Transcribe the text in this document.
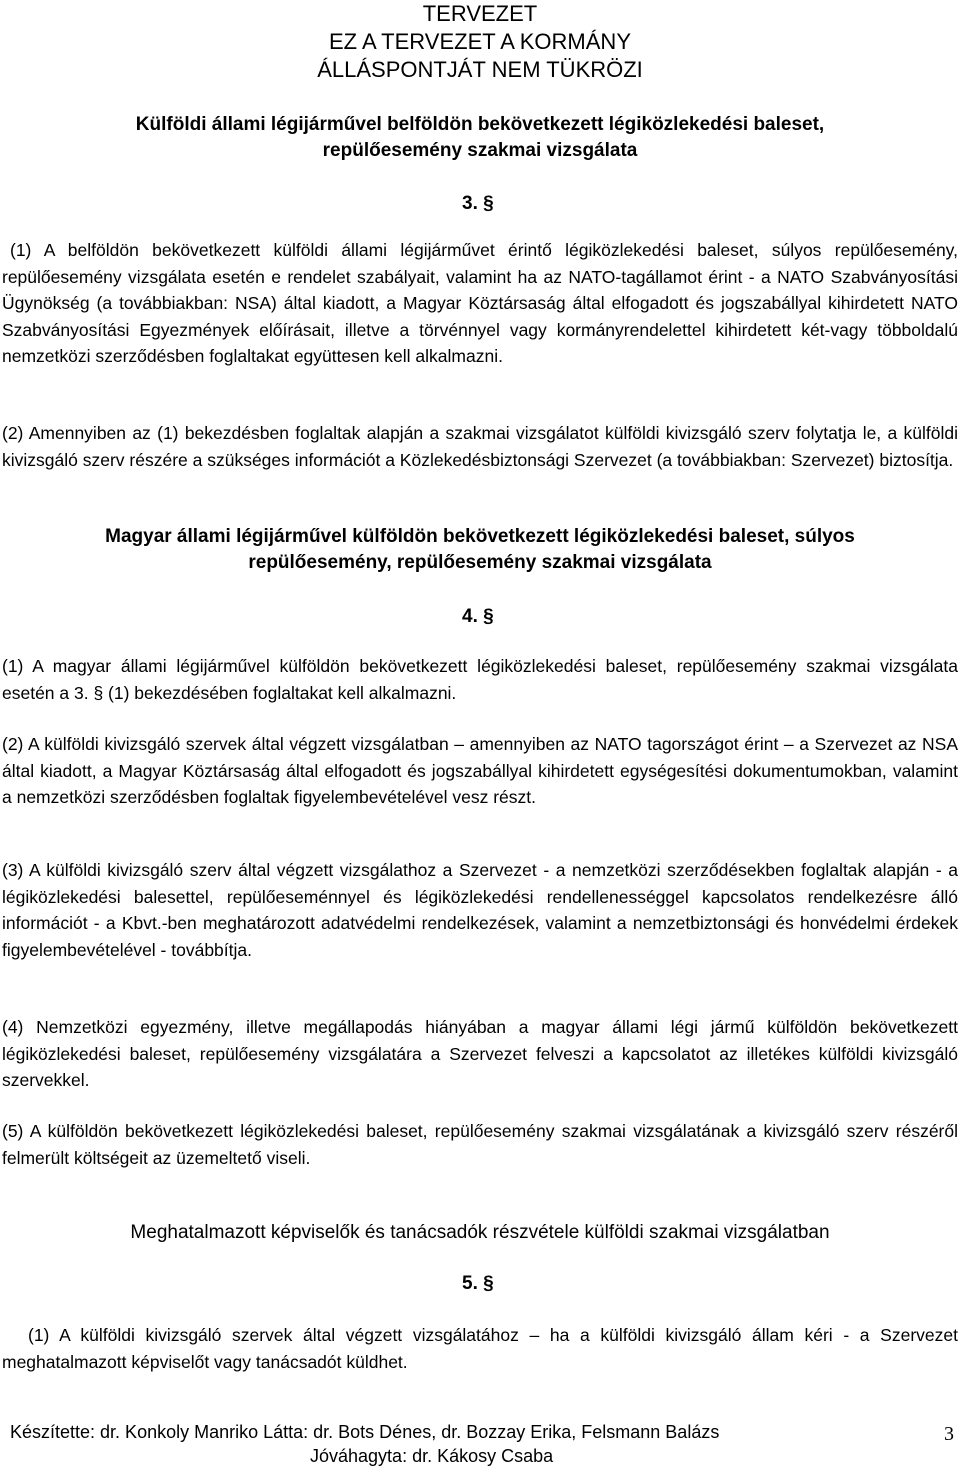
TERVEZET
EZ A TERVEZET A KORMÁNY
ÁLLÁSPONTJÁT NEM TÜKRÖZI
Külföldi állami légijárművel belföldön bekövetkezett légiközlekedési baleset,
repülőesemény szakmai vizsgálata
3. §
(1) A belföldön bekövetkezett külföldi állami légijárművet érintő légiközlekedési baleset, súlyos repülőesemény, repülőesemény vizsgálata esetén e rendelet szabályait, valamint ha az NATO-tagállamot érint - a NATO Szabványosítási Ügynökség (a továbbiakban: NSA) által kiadott, a Magyar Köztársaság által elfogadott és jogszabállyal kihirdetett NATO Szabványosítási Egyezmények előírásait, illetve a törvénnyel vagy kormányrendelettel kihirdetett két-vagy többoldalú nemzetközi szerződésben foglaltakat együttesen kell alkalmazni.
(2) Amennyiben az (1) bekezdésben foglaltak alapján a szakmai vizsgálatot külföldi kivizsgáló szerv folytatja le, a külföldi kivizsgáló szerv részére a szükséges információt a Közlekedésbiztonsági Szervezet (a továbbiakban: Szervezet) biztosítja.
Magyar állami légijárművel külföldön bekövetkezett légiközlekedési baleset, súlyos
repülőesemény, repülőesemény szakmai vizsgálata
4. §
(1) A magyar állami légijárművel külföldön bekövetkezett légiközlekedési baleset, repülőesemény szakmai vizsgálata esetén a 3. § (1) bekezdésében foglaltakat kell alkalmazni.
(2) A külföldi kivizsgáló szervek által végzett vizsgálatban – amennyiben az NATO tagországot érint – a Szervezet az NSA által kiadott, a Magyar Köztársaság által elfogadott és jogszabállyal kihirdetett egységesítési dokumentumokban, valamint a nemzetközi szerződésben foglaltak figyelembevételével vesz részt.
(3) A külföldi kivizsgáló szerv által végzett vizsgálathoz a Szervezet - a nemzetközi szerződésekben foglaltak alapján - a légiközlekedési balesettel, repülőeseménnyel és légiközlekedési rendellenességgel kapcsolatos rendelkezésre álló információt - a Kbvt.-ben meghatározott adatvédelmi rendelkezések, valamint a nemzetbiztonsági és honvédelmi érdekek figyelembevételével - továbbítja.
(4) Nemzetközi egyezmény, illetve megállapodás hiányában a magyar állami légi jármű külföldön bekövetkezett légiközlekedési baleset, repülőesemény vizsgálatára a Szervezet felveszi a kapcsolatot az illetékes külföldi kivizsgáló szervekkel.
(5) A külföldön bekövetkezett légiközlekedési baleset, repülőesemény szakmai vizsgálatának a kivizsgáló szerv részéről felmerült költségeit az üzemeltető viseli.
Meghatalmazott képviselők és tanácsadók részvétele külföldi szakmai vizsgálatban
5. §
(1) A külföldi kivizsgáló szervek által végzett vizsgálatához – ha a külföldi kivizsgáló állam kéri - a Szervezet meghatalmazott képviselőt vagy tanácsadót küldhet.
Készítette: dr. Konkoly Manriko Látta: dr. Bots Dénes, dr. Bozzay Erika, Felsmann Balázs
Jóváhagyta: dr. Kákosy Csaba
3
